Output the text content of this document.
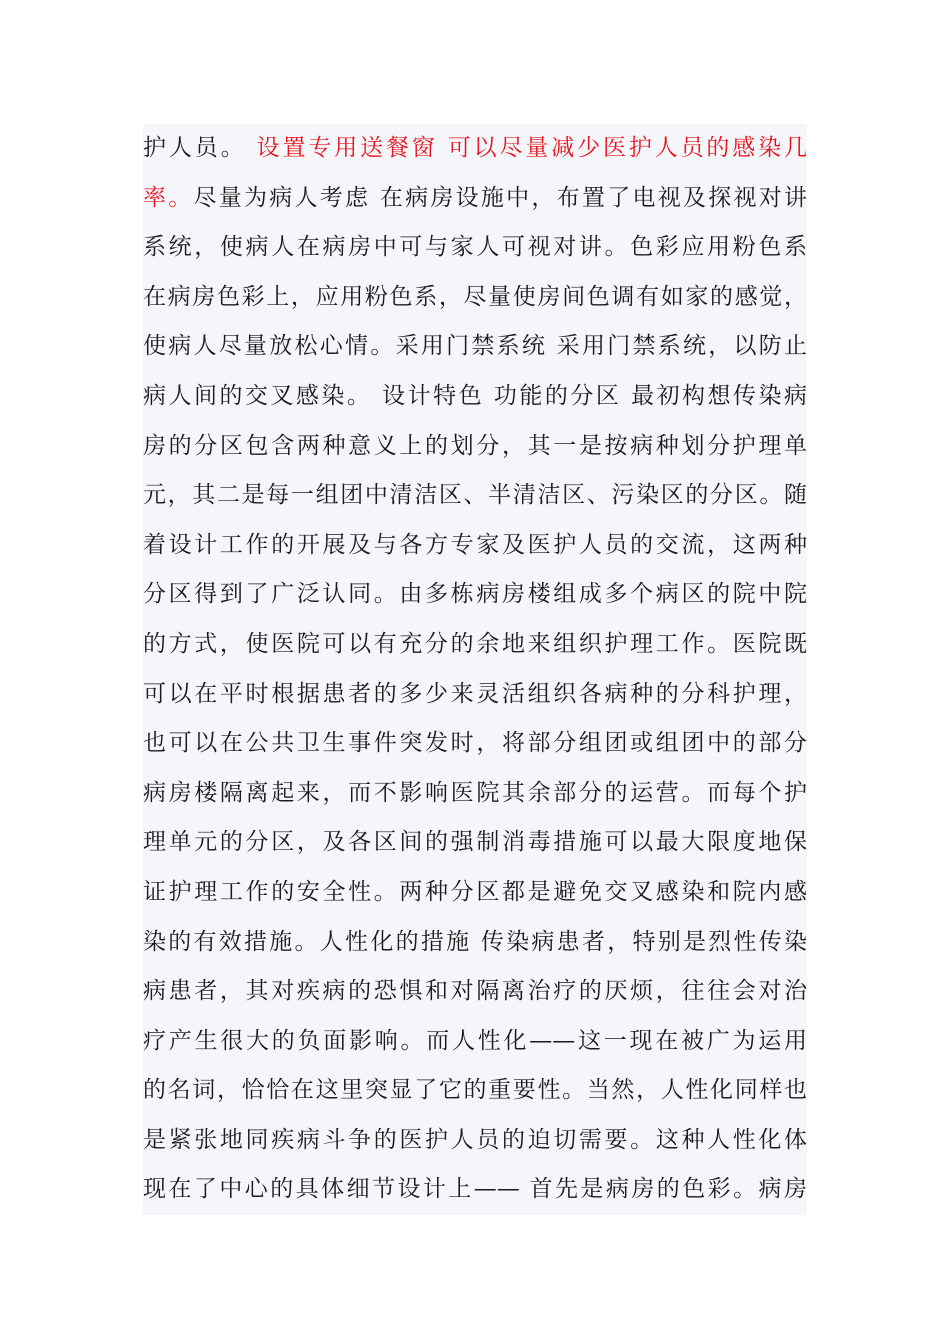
护人员。 设置专用送餐窗 可以尽量减少医护人员的感染几
率。尽量为病人考虑 在病房设施中，布置了电视及探视对讲
系统，使病人在病房中可与家人可视对讲。色彩应用粉色系
在病房色彩上，应用粉色系，尽量使房间色调有如家的感觉，
使病人尽量放松心情。采用门禁系统 采用门禁系统，以防止
病人间的交叉感染。 设计特色 功能的分区 最初构想传染病
房的分区包含两种意义上的划分，其一是按病种划分护理单
元，其二是每一组团中清洁区、半清洁区、污染区的分区。随
着设计工作的开展及与各方专家及医护人员的交流，这两种
分区得到了广泛认同。由多栋病房楼组成多个病区的院中院
的方式，使医院可以有充分的余地来组织护理工作。医院既
可以在平时根据患者的多少来灵活组织各病种的分科护理，
也可以在公共卫生事件突发时，将部分组团或组团中的部分
病房楼隔离起来，而不影响医院其余部分的运营。而每个护
理单元的分区，及各区间的强制消毒措施可以最大限度地保
证护理工作的安全性。两种分区都是避免交叉感染和院内感
染的有效措施。人性化的措施 传染病患者，特别是烈性传染
病患者，其对疾病的恐惧和对隔离治疗的厌烦，往往会对治
疗产生很大的负面影响。而人性化——这一现在被广为运用
的名词，恰恰在这里突显了它的重要性。当然，人性化同样也
是紧张地同疾病斗争的医护人员的迫切需要。这种人性化体
现在了中心的具体细节设计上—— 首先是病房的色彩。病房
